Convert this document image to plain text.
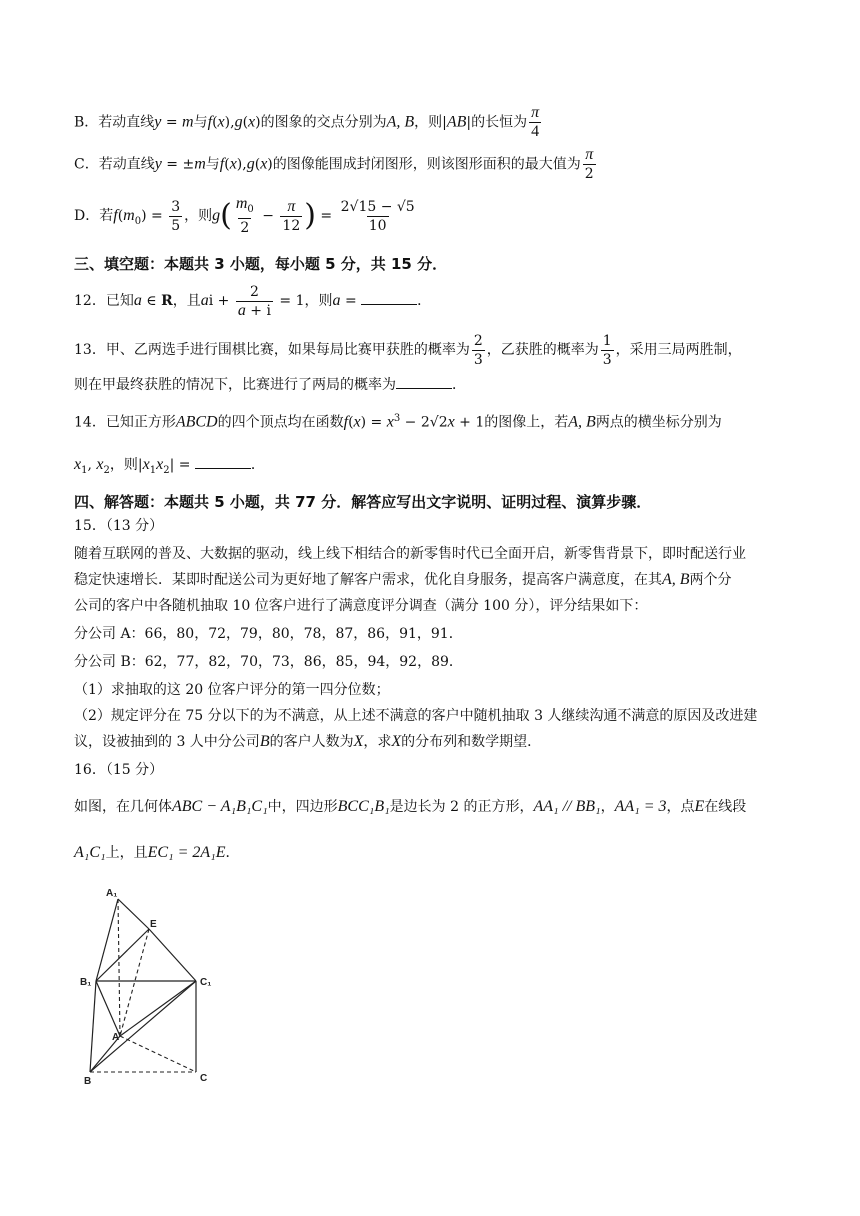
B．若动直线y = m与f(x),g(x)的图象的交点分别为A, B，则|AB|的长恒为 $\frac{\pi}{4}$
C．若动直线y = ±m与f(x),g(x)的图像能围成封闭图形，则该图形面积的最大值为 $\frac{\pi}{2}$
D．若$f(m_0) = \frac{3}{5}$ ，则$g( \frac{m_0}{2} - \frac{\pi}{12}$ ) = $\frac{2√15 - √5}{10}$
三、填空题：本题共 3 小题，每小题 5 分，共 15 分．
12．已知a ∈ R，且ai + $\frac{2}{a + i} = 1$，则a =	．
13．甲、乙两选手进行围棋比赛，如果每局比赛甲获胜的概率为 $\frac{2}{3}$ ，乙获胜的概率为 $\frac{1}{3}$ ，采用三局两胜制，
则在甲最终获胜的情况下，比赛进行了两局的概率为	．
14．已知正方形ABCD的四个顶点均在函数$f(x) = x^3 - 2√2x + 1$的图像上，若A, B两点的横坐标分别为
$x_1$, $x_2$，则$|x_1x_2|$ =	．
四、解答题：本题共 5 小题，共 77 分．解答应写出文字说明、证明过程、演算步骤．
15．（13 分）
随着互联网的普及、大数据的驱动，线上线下相结合的新零售时代已全面开启，新零售背景下，即时配送行业
稳定快速增长．某即时配送公司为更好地了解客户需求，优化自身服务，提高客户满意度，在其A, B两个分
公司的客户中各随机抽取 10 位客户进行了满意度评分调查（满分 100 分），评分结果如下：
分公司 A：66，80，72，79，80，78，87，86，91，91．
分公司 B：62，77，82，70，73，86，85，94，92，89．
（1）求抽取的这 20 位客户评分的第一四分位数；
（2）规定评分在 75 分以下的为不满意，从上述不满意的客户中随机抽取 3 人继续沟通不满意的原因及改进建
议，设被抽到的 3 人中分公司B的客户人数为X，求X的分布列和数学期望．
16．（15 分）
如图，在几何体ABC − A₁B₁C₁中，四边形BCC₁B₁是边长为 2 的正方形，AA₁ // BB₁，AA₁ = 3，点E在线段
A₁C₁上，且EC₁ = 2A₁E．
A₁
E
B₁	C₁
A
B	C
